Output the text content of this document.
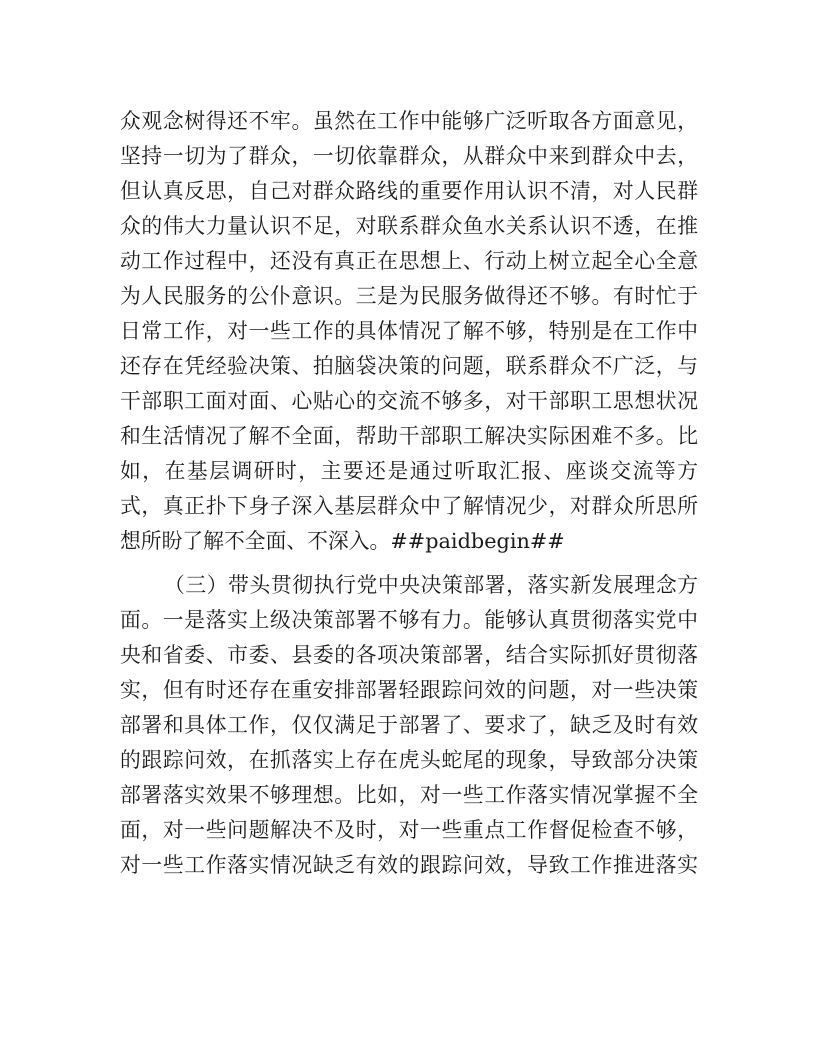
众观念树得还不牢。虽然在工作中能够广泛听取各方面意见，
坚持一切为了群众，一切依靠群众，从群众中来到群众中去，
但认真反思，自己对群众路线的重要作用认识不清，对人民群
众的伟大力量认识不足，对联系群众鱼水关系认识不透，在推
动工作过程中，还没有真正在思想上、行动上树立起全心全意
为人民服务的公仆意识。三是为民服务做得还不够。有时忙于
日常工作，对一些工作的具体情况了解不够，特别是在工作中
还存在凭经验决策、拍脑袋决策的问题，联系群众不广泛，与
干部职工面对面、心贴心的交流不够多，对干部职工思想状况
和生活情况了解不全面，帮助干部职工解决实际困难不多。比
如，在基层调研时，主要还是通过听取汇报、座谈交流等方
式，真正扑下身子深入基层群众中了解情况少，对群众所思所
想所盼了解不全面、不深入。##paidbegin##
（三）带头贯彻执行党中央决策部署，落实新发展理念方
面。一是落实上级决策部署不够有力。能够认真贯彻落实党中
央和省委、市委、县委的各项决策部署，结合实际抓好贯彻落
实，但有时还存在重安排部署轻跟踪问效的问题，对一些决策
部署和具体工作，仅仅满足于部署了、要求了，缺乏及时有效
的跟踪问效，在抓落实上存在虎头蛇尾的现象，导致部分决策
部署落实效果不够理想。比如，对一些工作落实情况掌握不全
面，对一些问题解决不及时，对一些重点工作督促检查不够，
对一些工作落实情况缺乏有效的跟踪问效，导致工作推进落实
